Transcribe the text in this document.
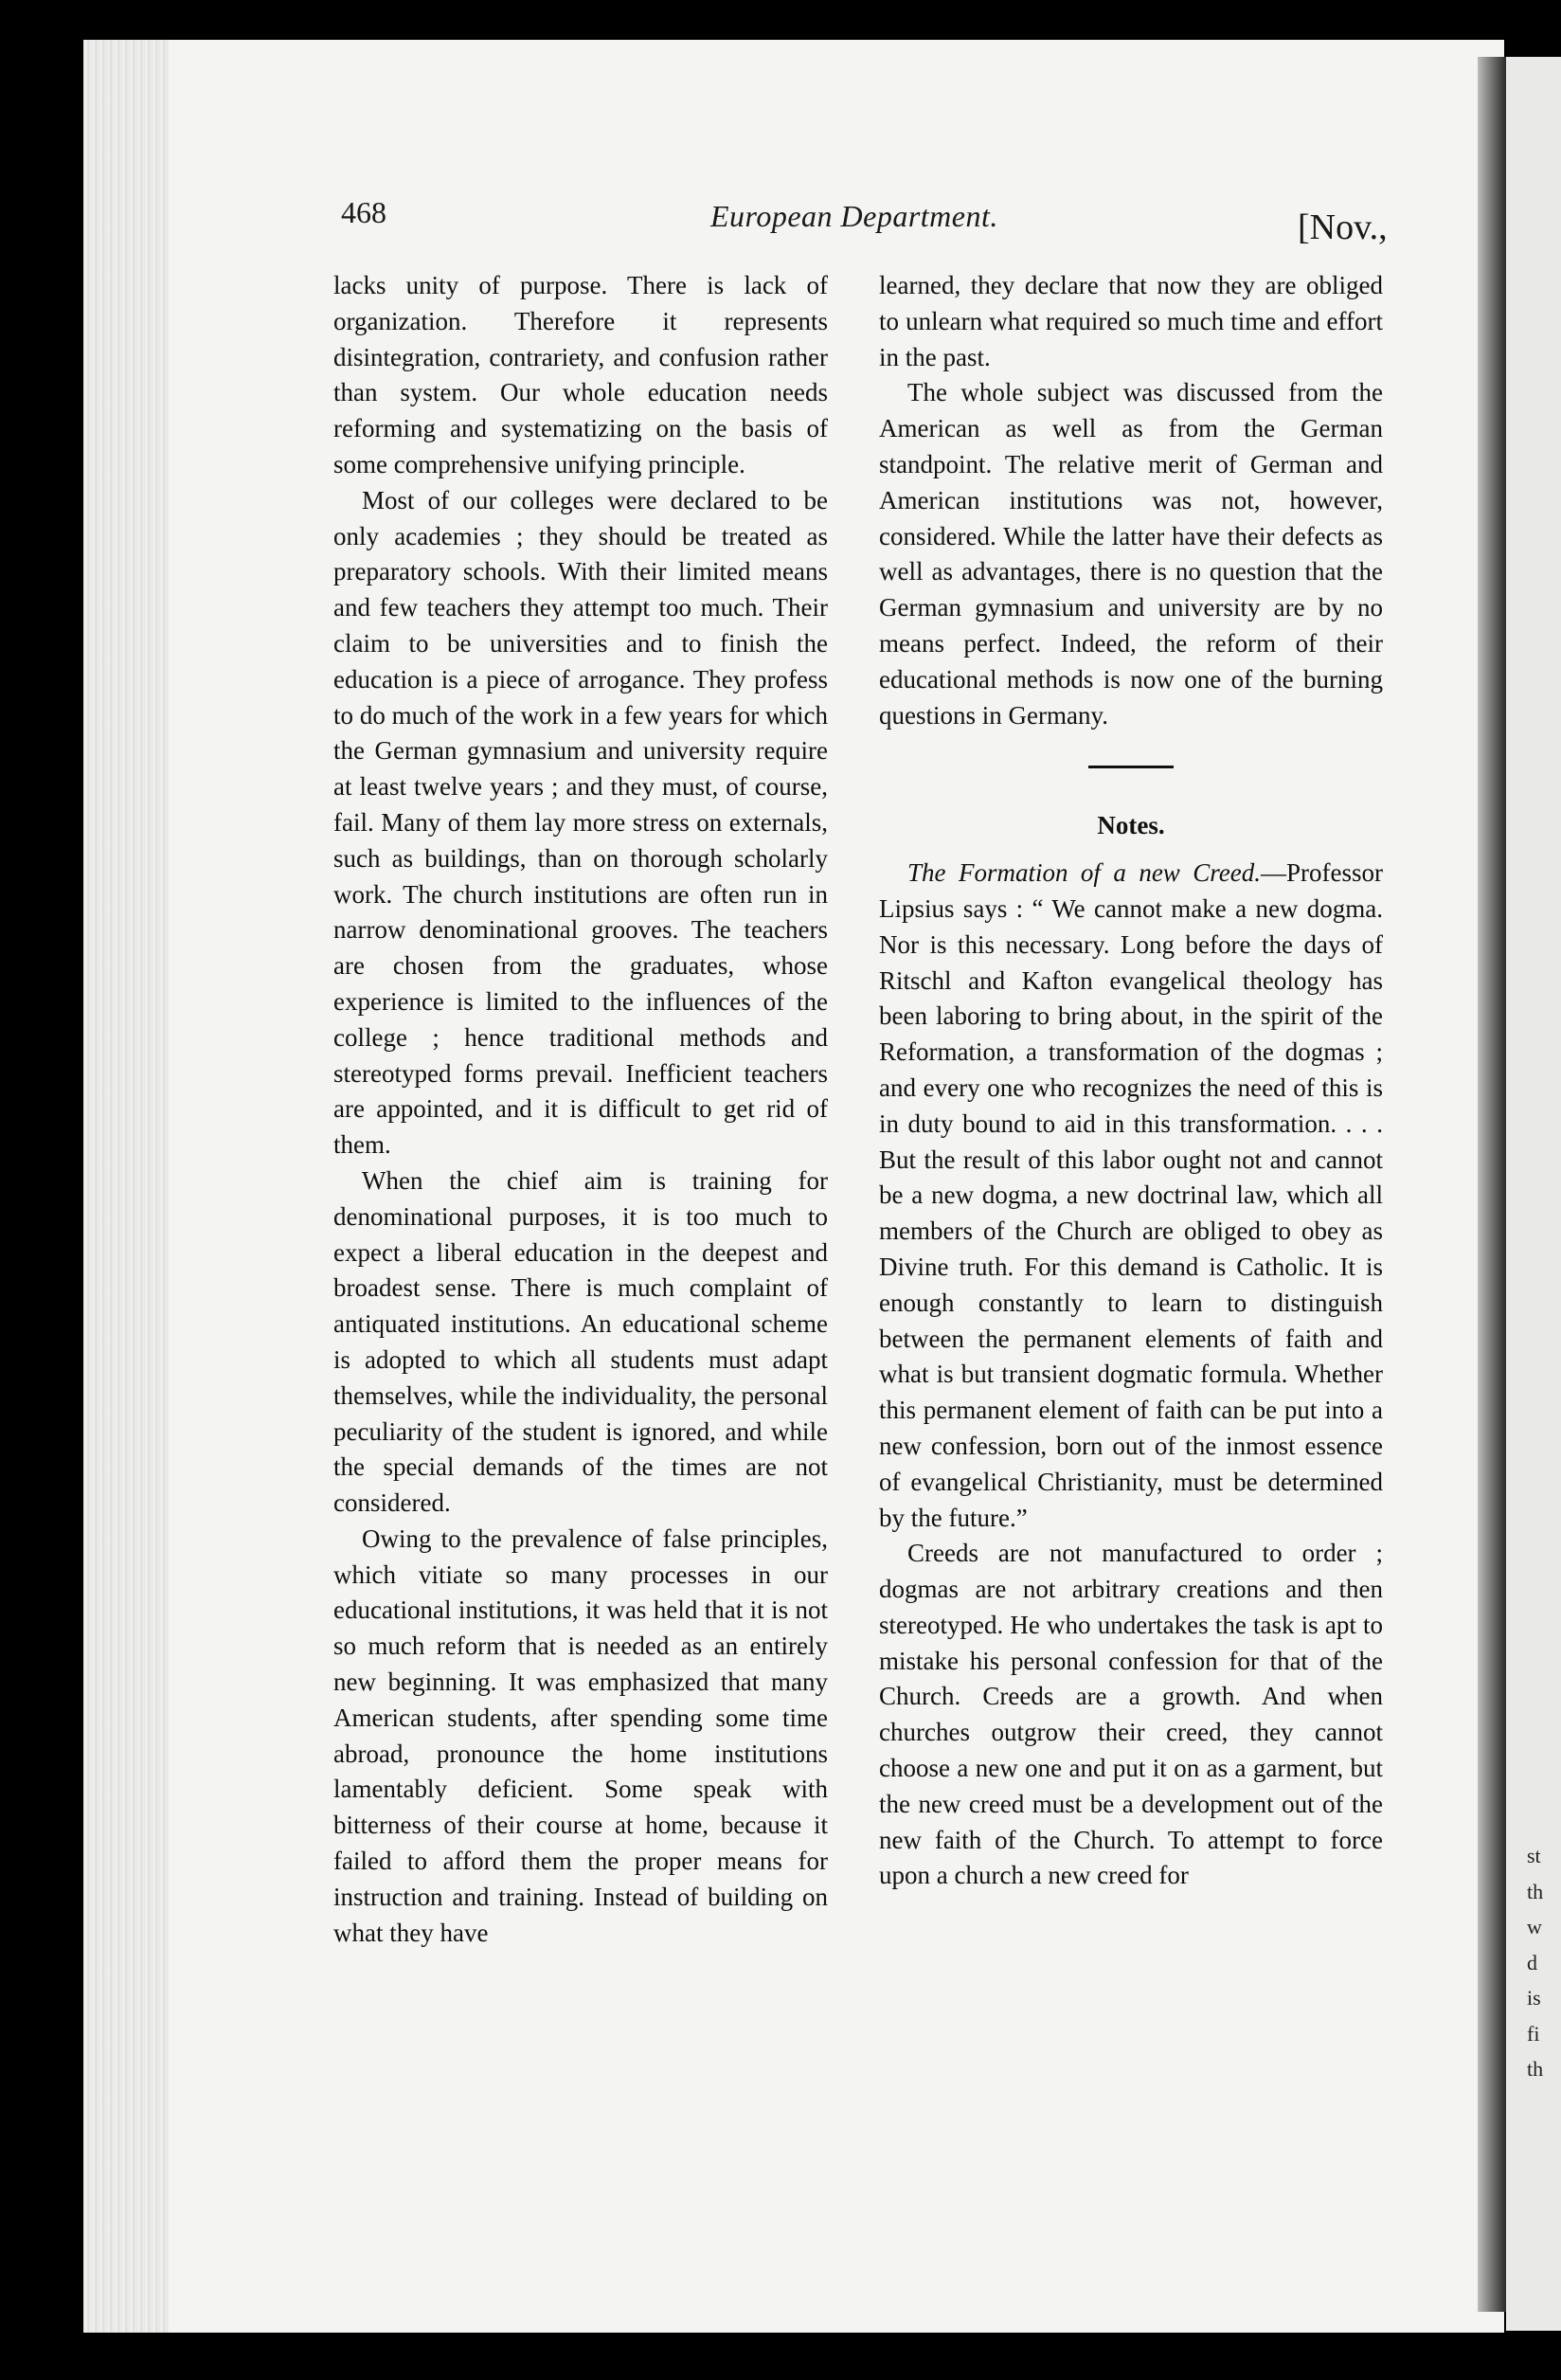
st
th
w
d
is
fi
th
468	European Department.	[Nov.,

lacks unity of purpose. There is lack of organization. Therefore it represents disintegration, contrariety, and confusion rather than system. Our whole education needs reforming and systematizing on the basis of some comprehensive unifying principle.

Most of our colleges were declared to be only academies ; they should be treated as preparatory schools. With their limited means and few teachers they attempt too much. Their claim to be universities and to finish the education is a piece of arrogance. They profess to do much of the work in a few years for which the German gymnasium and university require at least twelve years ; and they must, of course, fail. Many of them lay more stress on externals, such as buildings, than on thorough scholarly work. The church institutions are often run in narrow denominational grooves. The teachers are chosen from the graduates, whose experience is limited to the influences of the college ; hence traditional methods and stereotyped forms prevail. Inefficient teachers are appointed, and it is difficult to get rid of them.

When the chief aim is training for denominational purposes, it is too much to expect a liberal education in the deepest and broadest sense. There is much complaint of antiquated institutions. An educational scheme is adopted to which all students must adapt themselves, while the individuality, the personal peculiarity of the student is ignored, and while the special demands of the times are not considered.

Owing to the prevalence of false principles, which vitiate so many processes in our educational institutions, it was held that it is not so much reform that is needed as an entirely new beginning. It was emphasized that many American students, after spending some time abroad, pronounce the home institutions lamentably deficient. Some speak with bitterness of their course at home, because it failed to afford them the proper means for instruction and training. Instead of building on what they have

learned, they declare that now they are obliged to unlearn what required so much time and effort in the past.

The whole subject was discussed from the American as well as from the German standpoint. The relative merit of German and American institutions was not, however, considered. While the latter have their defects as well as advantages, there is no question that the German gymnasium and university are by no means perfect. Indeed, the reform of their educational methods is now one of the burning questions in Germany.

Notes.

The Formation of a new Creed.—Professor Lipsius says : “ We cannot make a new dogma. Nor is this necessary. Long before the days of Ritschl and Kafton evangelical theology has been laboring to bring about, in the spirit of the Reformation, a transformation of the dogmas ; and every one who recognizes the need of this is in duty bound to aid in this transformation. . . . But the result of this labor ought not and cannot be a new dogma, a new doctrinal law, which all members of the Church are obliged to obey as Divine truth. For this demand is Catholic. It is enough constantly to learn to distinguish between the permanent elements of faith and what is but transient dogmatic formula. Whether this permanent element of faith can be put into a new confession, born out of the inmost essence of evangelical Christianity, must be determined by the future.”

Creeds are not manufactured to order ; dogmas are not arbitrary creations and then stereotyped. He who undertakes the task is apt to mistake his personal confession for that of the Church. Creeds are a growth. And when churches outgrow their creed, they cannot choose a new one and put it on as a garment, but the new creed must be a development out of the new faith of the Church. To attempt to force upon a church a new creed for
